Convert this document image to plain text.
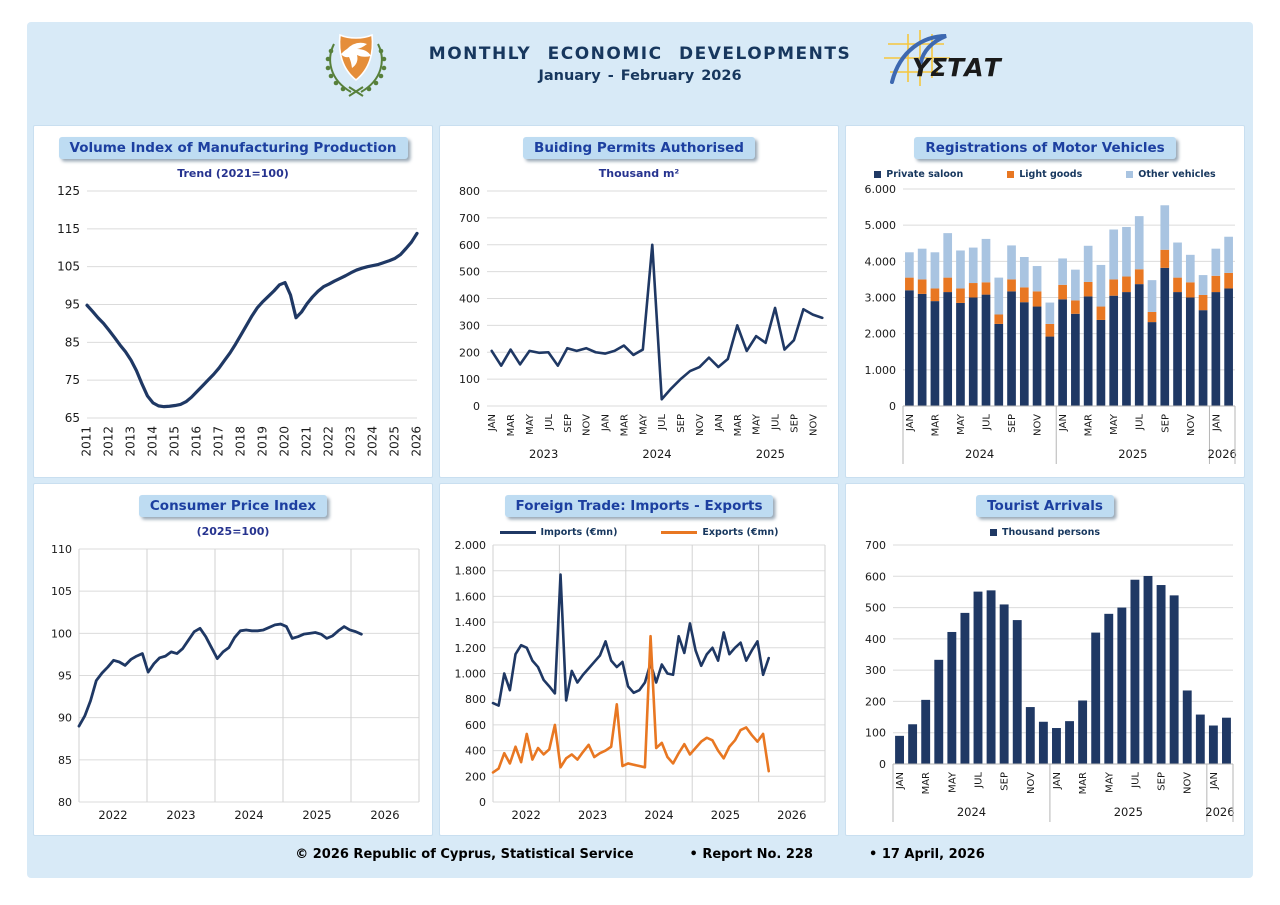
MONTHLY ECONOMIC DEVELOPMENTS
January - February 2026	ΥΣΤΑΤ
Volume Index of Manufacturing Production
Trend (2021=100)
65
75
85
95
105
115
125
2011 2012 2013 2014 2015 2016 2017 2018 2019 2020 2021 2022 2023 2024 2025 2026
Buiding Permits Authorised
Thousand m²
0
100
200
300
400
500
600
700
800
JAN MAR MAY JUL SEP NOV
2023
JAN MAR MAY JUL SEP NOV
2024
JAN MAR MAY JUL SEP NOV
2025
Registrations of Motor Vehicles
Private saloon	Light goods	Other vehicles
0
1.000
2.000
3.000
4.000
5.000
6.000
JAN MAR MAY JUL SEP NOV
2024
JAN MAR MAY JUL SEP NOV
2025
JAN
2026
Consumer Price Index
(2025=100)
80
85
90
95
100
105
110
2022	2023	2024	2025	2026
Foreign Trade: Imports - Exports
Imports (€mn)	Exports (€mn)
0
200
400
600
800
1.000
1.200
1.400
1.600
1.800
2.000
2022	2023	2024	2025	2026
Tourist Arrivals
Thousand persons
0
100
200
300
400
500
600
700
JAN MAR MAY JUL SEP NOV
2024
JAN MAR MAY JUL SEP NOV
2025
JAN
2026
© 2026 Republic of Cyprus, Statistical Service	• Report No. 228	• 17 April, 2026
